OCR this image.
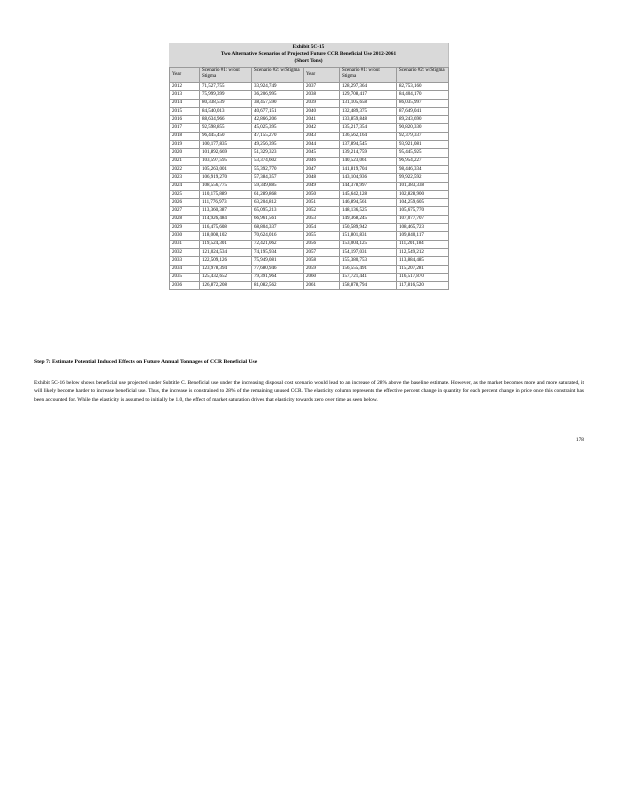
Exhibit 5C-15
Two Alternative Scenarios of Projected Future CCR Beneficial Use 2012-2061
(Short Tons)
Year	Scenario #1: w/out Stigma	Scenario #2: w/Stigma	Year	Scenario #1: w/out Stigma	Scenario #2: w/Stigma
2012	71,527,755	33,924,749	2037	128,297,364	82,753,160
2013	75,999,399	36,206,995	2038	129,708,417	84,404,170
2014	80,338,539	38,457,590	2039	131,105,658	86,035,997
2015	84,540,013	40,677,151	2040	132,489,375	87,649,041
2016	88,634,966	42,866,206	2041	133,859,848	89,243,690
2017	92,598,855	45,025,395	2042	135,217,354	90,820,330
2018	96,445,450	47,155,270	2043	136,562,164	92,379,337
2019	100,177,835	49,256,395	2044	137,894,545	93,921,081
2020	101,892,669	51,329,323	2045	139,214,759	95,445,925
2021	103,597,595	53,374,602	2046	140,523,061	96,954,227
2022	105,263,001	55,392,770	2047	141,819,704	98,446,334
2023	106,919,270	57,384,357	2048	143,104,936	99,922,592
2024	108,556,775	59,349,885	2049	144,378,997	101,383,338
2025	110,175,889	61,289,868	2050	145,642,128	102,828,900
2026	111,776,973	63,204,812	2051	146,894,561	104,259,605
2027	113,360,387	65,095,213	2052	148,136,525	105,675,770
2028	114,926,484	66,961,561	2053	149,368,245	107,077,707
2029	116,475,608	68,804,337	2054	150,589,942	108,465,723
2030	118,008,102	70,624,016	2055	151,801,831	109,840,117
2031	119,524,301	72,421,062	2056	153,004,125	111,201,184
2032	121,024,534	74,195,934	2057	154,197,031	112,549,212
2033	122,509,126	75,949,081	2058	155,380,753	113,884,485
2034	123,978,394	77,680,946	2059	156,555,491	115,207,281
2035	125,432,652	79,391,964	2060	157,721,441	116,517,870
2036	126,872,208	81,082,562	2061	158,878,794	117,816,520
Step 7: Estimate Potential Induced Effects on Future Annual Tonnages of CCR Beneficial Use
Exhibit 5C-16 below shows beneficial use projected under Subtitle C. Beneficial use under the increasing disposal cost scenario would lead to an increase of 28% above the baseline estimate. However, as the market becomes more and more saturated, it will likely become harder to increase beneficial use. Thus, the increase is constrained to 28% of the remaining unused CCR. The elasticity column represents the effective percent change in quantity for each percent change in price once this constraint has been accounted for. While the elasticity is assumed to initially be 1.0, the effect of market saturation drives that elasticity towards zero over time as seen below.
178
